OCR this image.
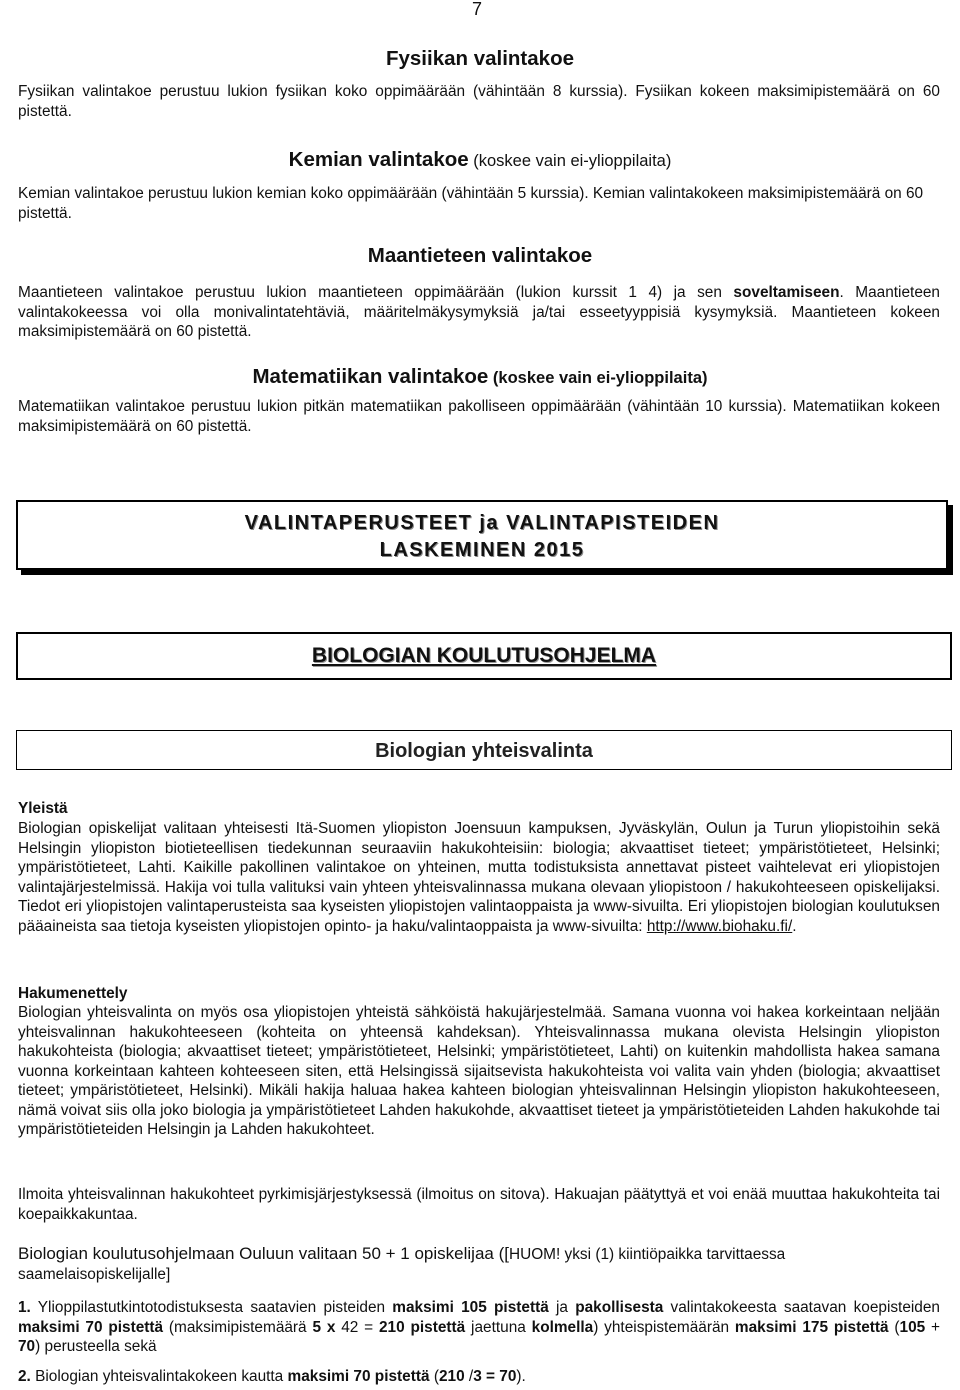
7
Fysiikan valintakoe
Fysiikan valintakoe perustuu lukion fysiikan koko oppimäärään (vähintään 8 kurssia). Fysiikan kokeen maksimipistemäärä on 60 pistettä.
Kemian valintakoe (koskee vain ei-ylioppilaita)
Kemian valintakoe perustuu lukion kemian koko oppimäärään (vähintään 5 kurssia). Kemian valintakokeen maksimipistemäärä on 60 pistettä.
Maantieteen valintakoe
Maantieteen valintakoe perustuu lukion maantieteen oppimäärään (lukion kurssit 1 4) ja sen soveltamiseen. Maantieteen valintakokeessa voi olla monivalintatehtäviä, määritelmäkysymyksiä ja/tai esseetyyppisiä kysymyksiä. Maantieteen kokeen maksimipistemäärä on 60 pistettä.
Matematiikan valintakoe (koskee vain ei-ylioppilaita)
Matematiikan valintakoe perustuu lukion pitkän matematiikan pakolliseen oppimäärään (vähintään 10 kurssia). Matematiikan kokeen maksimipistemäärä on 60 pistettä.
VALINTAPERUSTEET ja VALINTAPISTEIDEN
LASKEMINEN 2015
BIOLOGIAN KOULUTUSOHJELMA
Biologian yhteisvalinta
Yleistä
Biologian opiskelijat valitaan yhteisesti Itä-Suomen yliopiston Joensuun kampuksen, Jyväskylän, Oulun ja Turun yliopistoihin sekä Helsingin yliopiston biotieteellisen tiedekunnan seuraaviin hakukohteisiin: biologia; akvaattiset tieteet; ympäristötieteet, Helsinki; ympäristötieteet, Lahti. Kaikille pakollinen valintakoe on yhteinen, mutta todistuksista annettavat pisteet vaihtelevat eri yliopistojen valintajärjestelmissä. Hakija voi tulla valituksi vain yhteen yhteisvalinnassa mukana olevaan yliopistoon / hakukohteeseen opiskelijaksi. Tiedot eri yliopistojen valintaperusteista saa kyseisten yliopistojen valintaoppaista ja www-sivuilta. Eri yliopistojen biologian koulutuksen pääaineista saa tietoja kyseisten yliopistojen opinto- ja haku/valintaoppaista ja www-sivuilta: http://www.biohaku.fi/.
Hakumenettely
Biologian yhteisvalinta on myös osa yliopistojen yhteistä sähköistä hakujärjestelmää. Samana vuonna voi hakea korkeintaan neljään yhteisvalinnan hakukohteeseen (kohteita on yhteensä kahdeksan). Yhteisvalinnassa mukana olevista Helsingin yliopiston hakukohteista (biologia; akvaattiset tieteet; ympäristötieteet, Helsinki; ympäristötieteet, Lahti) on kuitenkin mahdollista hakea samana vuonna korkeintaan kahteen kohteeseen siten, että Helsingissä sijaitsevista hakukohteista voi valita vain yhden (biologia; akvaattiset tieteet; ympäristötieteet, Helsinki). Mikäli hakija haluaa hakea kahteen biologian yhteisvalinnan Helsingin yliopiston hakukohteeseen, nämä voivat siis olla joko biologia ja ympäristötieteet Lahden hakukohde, akvaattiset tieteet ja ympäristötieteiden Lahden hakukohde tai ympäristötieteiden Helsingin ja Lahden hakukohteet.
Ilmoita yhteisvalinnan hakukohteet pyrkimisjärjestyksessä (ilmoitus on sitova). Hakuajan päätyttyä et voi enää muuttaa hakukohteita tai koepaikkakuntaa.
Biologian koulutusohjelmaan Ouluun valitaan 50 + 1 opiskelijaa ([HUOM! yksi (1) kiintiöpaikka tarvittaessa saamelaisopiskelijalle]
1. Ylioppilastutkintotodistuksesta saatavien pisteiden maksimi 105 pistettä ja pakollisesta valintakokeesta saatavan koepisteiden maksimi 70 pistettä (maksimipistemäärä 5 x 42 = 210 pistettä jaettuna kolmella) yhteispistemäärän maksimi 175 pistettä (105 + 70) perusteella sekä
2. Biologian yhteisvalintakokeen kautta maksimi 70 pistettä (210 /3 = 70).
